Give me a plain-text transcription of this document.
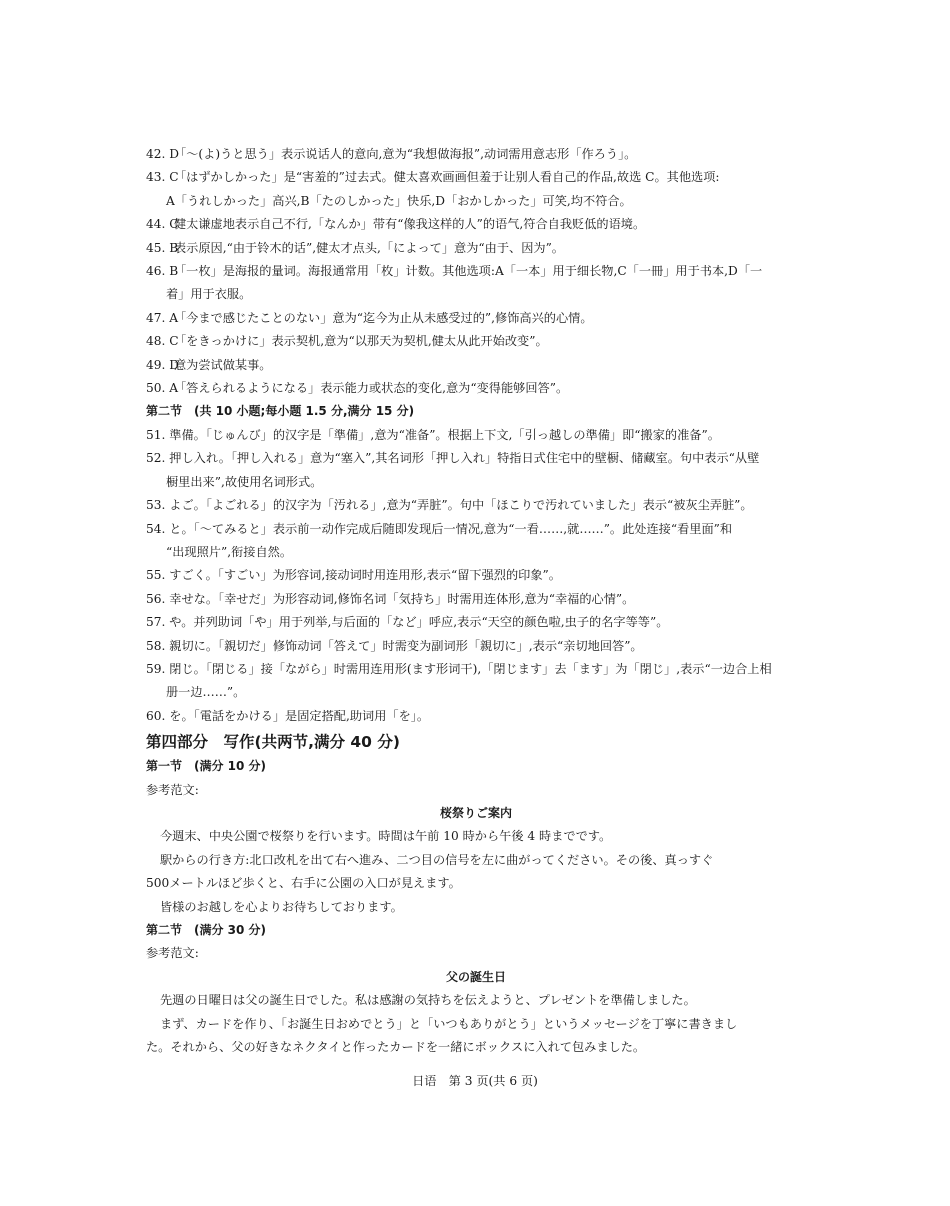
42. D
「～(よ)うと思う」表示说话人的意向,意为“我想做海报”,动词需用意志形「作ろう」。
43. C
「はずかしかった」是“害羞的”过去式。健太喜欢画画但羞于让别人看自己的作品,故选 C。其他选项:
A「うれしかった」高兴,B「たのしかった」快乐,D「おかしかった」可笑,均不符合。
44. C
健太谦虚地表示自己不行,「なんか」带有“像我这样的人”的语气,符合自我贬低的语境。
45. B
表示原因,“由于铃木的话”,健太才点头,「によって」意为“由于、因为”。
46. B
「一枚」是海报的量词。海报通常用「枚」计数。其他选项:A「一本」用于细长物,C「一冊」用于书本,D「一
着」用于衣服。
47. A
「今まで感じたことのない」意为“迄今为止从未感受过的”,修饰高兴的心情。
48. C
「をきっかけに」表示契机,意为“以那天为契机,健太从此开始改变”。
49. D
意为尝试做某事。
50. A
「答えられるようになる」表示能力或状态的变化,意为“变得能够回答”。
第二节　(共 10 小题;每小题 1.5 分,满分 15 分)
51. 準備。「じゅんび」的汉字是「準備」,意为“准备”。根据上下文,「引っ越しの準備」即“搬家的准备”。
52. 押し入れ。「押し入れる」意为“塞入”,其名词形「押し入れ」特指日式住宅中的壁橱、储藏室。句中表示“从壁
橱里出来”,故使用名词形式。
53. よご。「よごれる」的汉字为「汚れる」,意为“弄脏”。句中「ほこりで汚れていました」表示“被灰尘弄脏”。
54. と。「～てみると」表示前一动作完成后随即发现后一情况,意为“一看……,就……”。此处连接“看里面”和
“出现照片”,衔接自然。
55. すごく。「すごい」为形容词,接动词时用连用形,表示“留下强烈的印象”。
56. 幸せな。「幸せだ」为形容动词,修饰名词「気持ち」时需用连体形,意为“幸福的心情”。
57. や。并列助词「や」用于列举,与后面的「など」呼应,表示“天空的颜色啦,虫子的名字等等”。
58. 親切に。「親切だ」修饰动词「答えて」时需变为副词形「親切に」,表示“亲切地回答”。
59. 閉じ。「閉じる」接「ながら」时需用连用形(ます形词干),「閉じます」去「ます」为「閉じ」,表示“一边合上相
册一边……”。
60. を。「電話をかける」是固定搭配,助词用「を」。
第四部分　写作(共两节,满分 40 分)
第一节　(满分 10 分)
参考范文:
桜祭りご案内
今週末、中央公園で桜祭りを行います。時間は午前 10 時から午後 4 時までです。
駅からの行き方:北口改札を出て右へ進み、二つ目の信号を左に曲がってください。その後、真っすぐ
500メートルほど歩くと、右手に公園の入口が見えます。
皆様のお越しを心よりお待ちしております。
第二节　(满分 30 分)
参考范文:
父の誕生日
先週の日曜日は父の誕生日でした。私は感謝の気持ちを伝えようと、プレゼントを準備しました。
まず、カードを作り、「お誕生日おめでとう」と「いつもありがとう」というメッセージを丁寧に書きまし
た。それから、父の好きなネクタイと作ったカードを一緒にボックスに入れて包みました。
日语　第 3 页(共 6 页)
